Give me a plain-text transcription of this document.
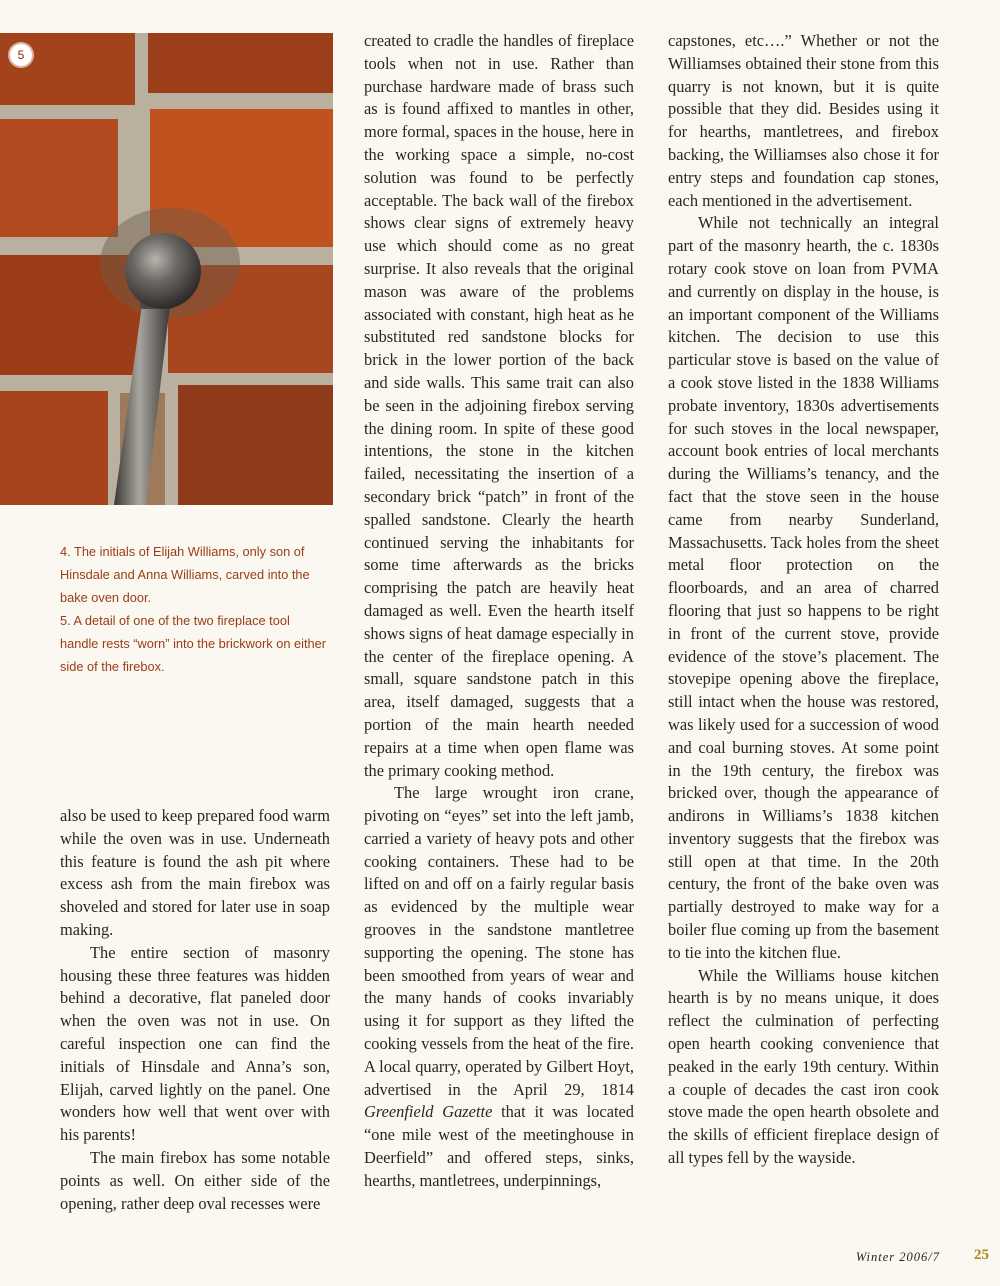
5

4. The initials of Elijah Williams, only son of Hinsdale and Anna Williams, carved into the bake oven door.

5. A detail of one of the two fireplace tool handle rests “worn” into the brickwork on either side of the firebox.

also be used to keep prepared food warm while the oven was in use. Underneath this feature is found the ash pit where excess ash from the main firebox was shoveled and stored for later use in soap making.

The entire section of masonry housing these three features was hidden behind a decorative, flat paneled door when the oven was not in use. On careful inspection one can find the initials of Hinsdale and Anna’s son, Elijah, carved lightly on the panel. One wonders how well that went over with his parents!

The main firebox has some notable points as well. On either side of the opening, rather deep oval recesses were

created to cradle the handles of fireplace tools when not in use. Rather than purchase hardware made of brass such as is found affixed to mantles in other, more formal, spaces in the house, here in the working space a simple, no-cost solution was found to be perfectly acceptable. The back wall of the firebox shows clear signs of extremely heavy use which should come as no great surprise. It also reveals that the original mason was aware of the problems associated with constant, high heat as he substituted red sandstone blocks for brick in the lower portion of the back and side walls. This same trait can also be seen in the adjoining firebox serving the dining room. In spite of these good intentions, the stone in the kitchen failed, necessitating the insertion of a secondary brick “patch” in front of the spalled sandstone. Clearly the hearth continued serving the inhabitants for some time afterwards as the bricks comprising the patch are heavily heat damaged as well. Even the hearth itself shows signs of heat damage especially in the center of the fireplace opening. A small, square sandstone patch in this area, itself damaged, suggests that a portion of the main hearth needed repairs at a time when open flame was the primary cooking method.

The large wrought iron crane, pivoting on “eyes” set into the left jamb, carried a variety of heavy pots and other cooking containers. These had to be lifted on and off on a fairly regular basis as evidenced by the multiple wear grooves in the sandstone mantletree supporting the opening. The stone has been smoothed from years of wear and the many hands of cooks invariably using it for support as they lifted the cooking vessels from the heat of the fire. A local quarry, operated by Gilbert Hoyt, advertised in the April 29, 1814 Greenfield Gazette that it was located “one mile west of the meetinghouse in Deerfield” and offered steps, sinks, hearths, mantletrees, underpinnings,

capstones, etc….” Whether or not the Williamses obtained their stone from this quarry is not known, but it is quite possible that they did. Besides using it for hearths, mantletrees, and firebox backing, the Williamses also chose it for entry steps and foundation cap stones, each mentioned in the advertisement.

While not technically an integral part of the masonry hearth, the c. 1830s rotary cook stove on loan from PVMA and currently on display in the house, is an important component of the Williams kitchen. The decision to use this particular stove is based on the value of a cook stove listed in the 1838 Williams probate inventory, 1830s advertisements for such stoves in the local newspaper, account book entries of local merchants during the Williams’s tenancy, and the fact that the stove seen in the house came from nearby Sunderland, Massachusetts. Tack holes from the sheet metal floor protection on the floorboards, and an area of charred flooring that just so happens to be right in front of the current stove, provide evidence of the stove’s placement. The stovepipe opening above the fireplace, still intact when the house was restored, was likely used for a succession of wood and coal burning stoves. At some point in the 19th century, the firebox was bricked over, though the appearance of andirons in Williams’s 1838 kitchen inventory suggests that the firebox was still open at that time. In the 20th century, the front of the bake oven was partially destroyed to make way for a boiler flue coming up from the basement to tie into the kitchen flue.

While the Williams house kitchen hearth is by no means unique, it does reflect the culmination of perfecting open hearth cooking convenience that peaked in the early 19th century. Within a couple of decades the cast iron cook stove made the open hearth obsolete and the skills of efficient fireplace design of all types fell by the wayside.

Winter 2006/7 25
